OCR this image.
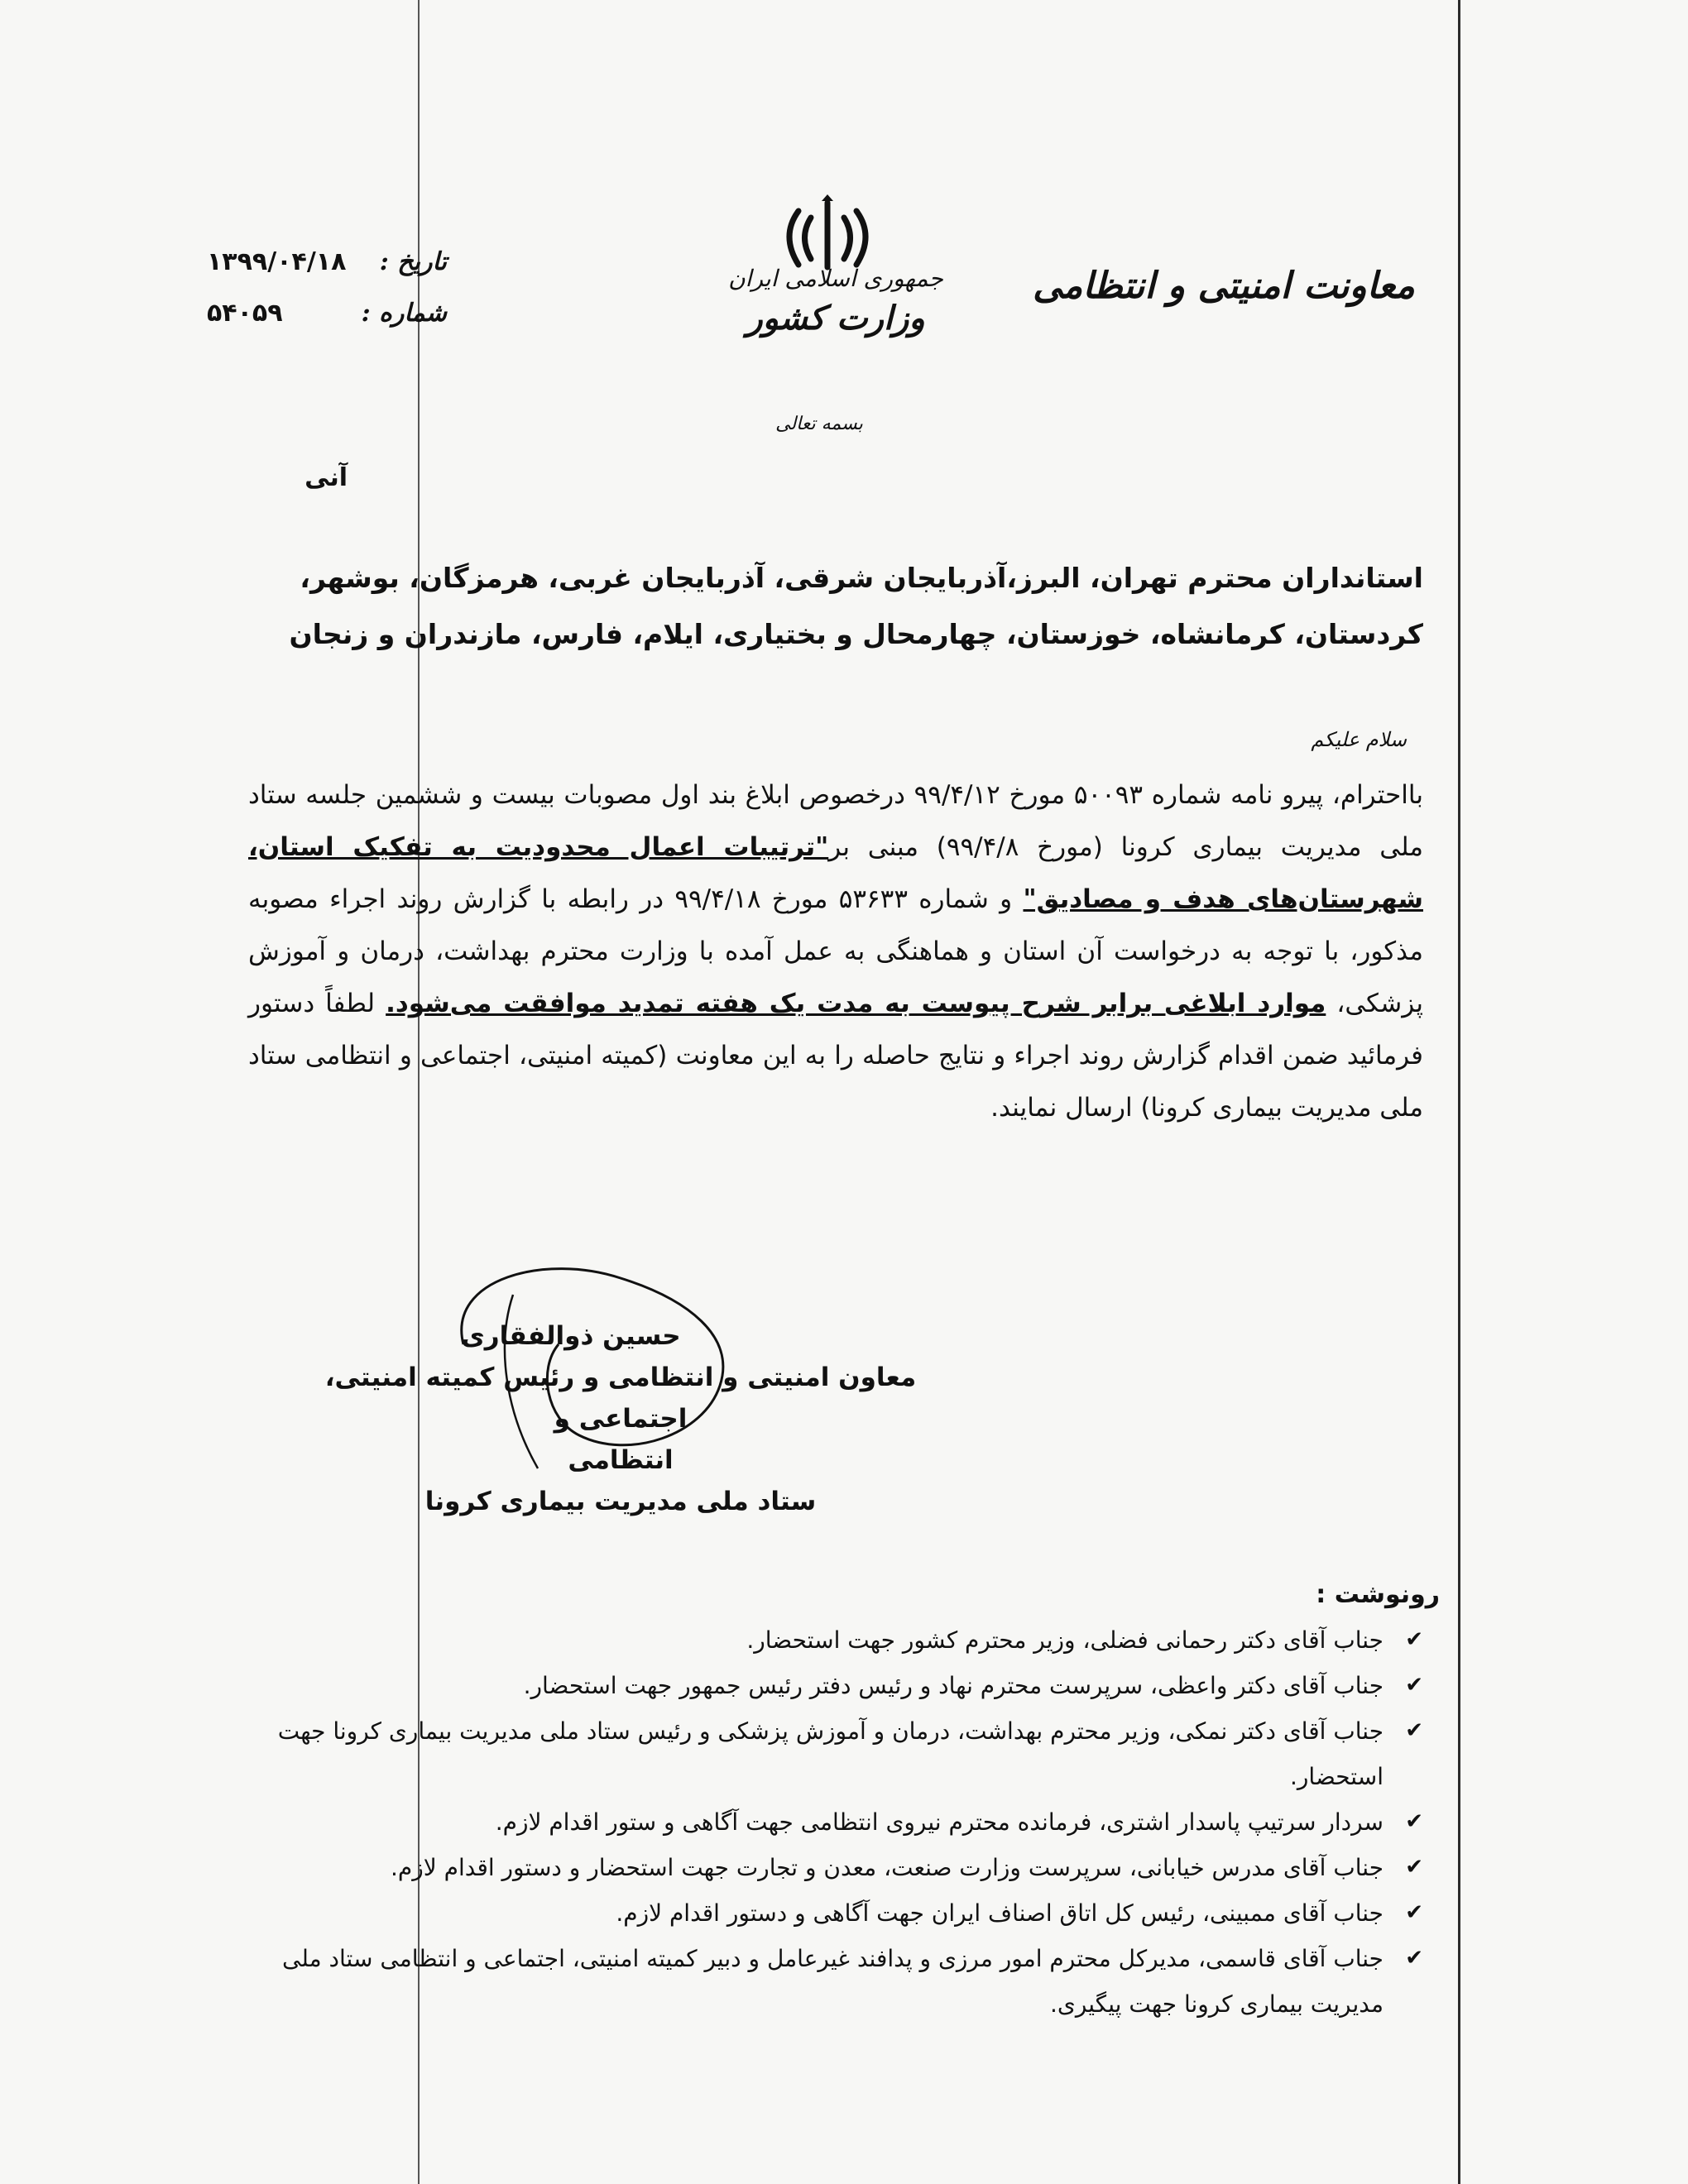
معاونت امنیتی و انتظامی
جمهوری اسلامی ایران
وزارت کشور
بسمه تعالی
تاریخ :
۱۳۹۹/۰۴/۱۸
شماره :
۵۴۰۵۹
آنی
استانداران محترم تهران، البرز،آذربایجان شرقی، آذربایجان غربی، هرمزگان، بوشهر، کردستان، کرمانشاه، خوزستان، چهارمحال و بختیاری، ایلام، فارس، مازندران و زنجان
سلام علیکم
بااحترام، پیرو نامه شماره ۵۰۰۹۳ مورخ ۹۹/۴/۱۲ درخصوص ابلاغ بند اول مصوبات بیست و ششمین جلسه ستاد ملی مدیریت بیماری کرونا (مورخ ۹۹/۴/۸) مبنی بر"ترتیبات اعمال محدودیت به تفکیک استان، شهرستان‌های هدف و مصادیق" و شماره ۵۳۶۳۳ مورخ ۹۹/۴/۱۸ در رابطه با گزارش روند اجراء مصوبه مذکور، با توجه به درخواست آن استان و هماهنگی به عمل آمده با وزارت محترم بهداشت، درمان و آموزش پزشکی، موارد ابلاغی برابر شرح پیوست به مدت یک هفته تمدید موافقت می‌شود. لطفاً دستور فرمائید ضمن اقدام گزارش روند اجراء و نتایج حاصله را به این معاونت (کمیته امنیتی، اجتماعی و انتظامی ستاد ملی مدیریت بیماری کرونا) ارسال نمایند.
حسین ذوالفقاری
معاون امنیتی و انتظامی و رئیس کمیته امنیتی، اجتماعی و
انتظامی
ستاد ملی مدیریت بیماری کرونا
رونوشت :
✔
جناب آقای دکتر رحمانی فضلی، وزیر محترم کشور جهت استحضار.
✔
جناب آقای دکتر واعظی، سرپرست محترم نهاد و رئیس دفتر رئیس جمهور جهت استحضار.
✔
جناب آقای دکتر نمکی، وزیر محترم بهداشت، درمان و آموزش پزشکی و رئیس ستاد ملی مدیریت بیماری کرونا جهت استحضار.
✔
سردار سرتیپ پاسدار اشتری، فرمانده محترم نیروی انتظامی جهت آگاهی و ستور اقدام لازم.
✔
جناب آقای مدرس خیابانی، سرپرست وزارت صنعت، معدن و تجارت جهت استحضار و دستور اقدام لازم.
✔
جناب آقای ممبینی، رئیس کل اتاق اصناف ایران جهت آگاهی و دستور اقدام لازم.
✔
جناب آقای قاسمی، مدیرکل محترم امور مرزی و پدافند غیرعامل و دبیر کمیته امنیتی، اجتماعی و انتظامی ستاد ملی مدیریت بیماری کرونا جهت پیگیری.
